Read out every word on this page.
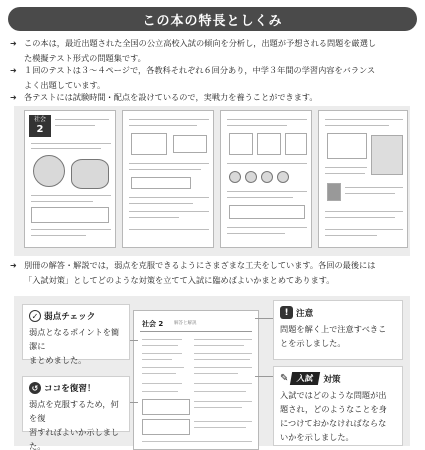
この本の特長としくみ
➜ この本は，最近出題された全国の公立高校入試の傾向を分析し，出題が予想される問題を厳選し
た模擬テスト形式の問題集です。
➜ １回のテストは３～４ページで，各教科それぞれ６回分あり，中学３年間の学習内容をバランス
よく出題しています。
➜ 各テストには試験時間・配点を設けているので，実戦力を養うことができます。
社会
2
➜ 別冊の解答・解説では，弱点を克服できるようにさまざまな工夫をしています。各回の最後には
「入試対策」としてどのような対策を立てて入試に臨めばよいかまとめてあります。
社会 2 解答と解説
✓ 弱点チェック
弱点となるポイントを簡潔に
まとめました。
↺ ココを復習！
弱点を克服するため，何を復
習すればよいか示しました。
! 注意
問題を解く上で注意すべきこ
とを示しました。
✎	入試	対策
入試ではどのような問題が出
題され，どのようなことを身
につけておかなければならな
いかを示しました。
